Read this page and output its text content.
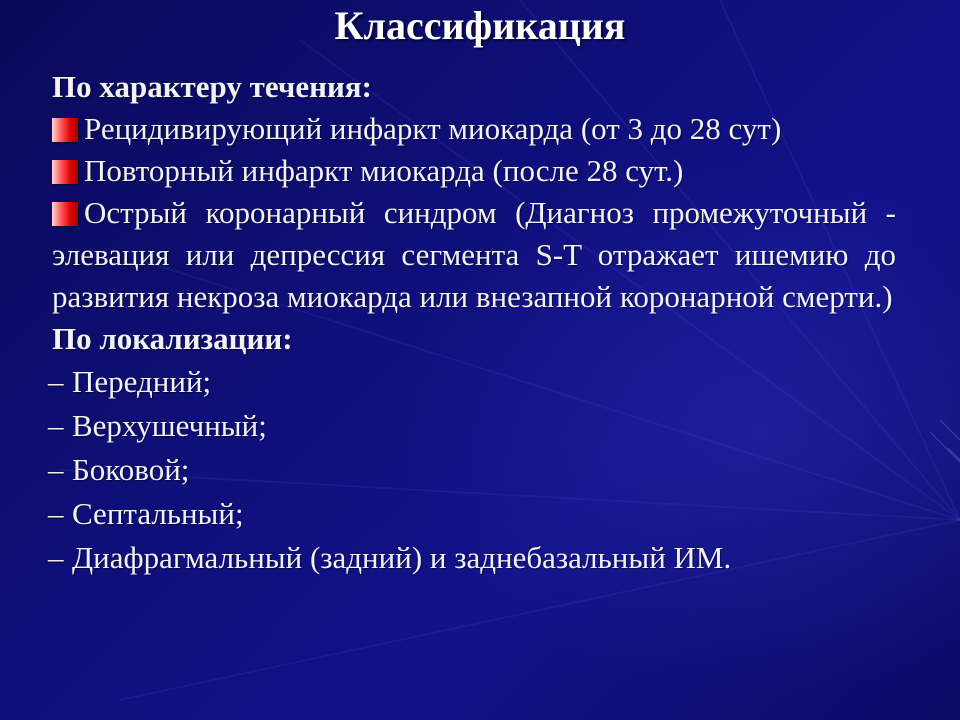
Классификация

По характеру течения:

Рецидивирующий инфаркт миокарда (от 3 до 28 сут)

Повторный инфаркт миокарда (после 28 сут.)

Острый коронарный синдром (Диагноз промежуточный - элевация или депрессия сегмента S-T отражает ишемию до развития некроза миокарда или внезапной коронарной смерти.)

По локализации:

– Передний;

– Верхушечный;

– Боковой;

– Септальный;

– Диафрагмальный (задний) и заднебазальный ИМ.
